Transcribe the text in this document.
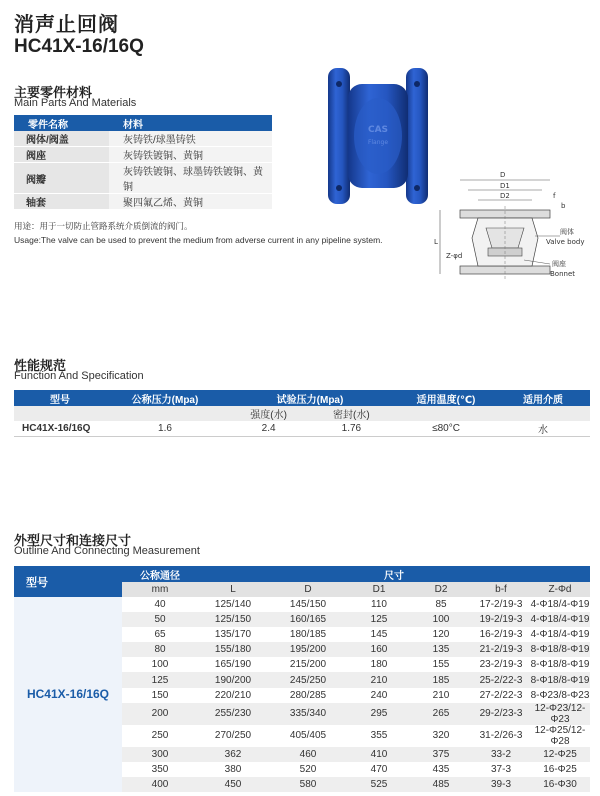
消声止回阀
HC41X-16/16Q
主要零件材料
Main Parts And Materials
零件名称	材料
阀体/阀盖	灰铸铁/球墨铸铁
阀座	灰铸铁镀铜、黄铜
阀瓣	灰铸铁镀铜、球墨铸铁镀铜、黄铜
轴套	聚四氟乙烯、黄铜
用途：用于一切防止管路系统介质倒流的阀门。
Usage:The valve can be used to prevent the medium from adverse current in any pipeline system.
CAS
Flange
D
D1
D2	f
b
L
Z-φd
阀体
Valve body
阀座
Bonnet
性能规范
Function And Specification
型号	公称压力(Mpa)	试验压力(Mpa)	适用温度(℃)	适用介质
		强度(水) 密封(水)		
HC41X-16/16Q	1.6	2.4 1.76	≤80°C	水
外型尺寸和连接尺寸
Outline And Connecting Measurement
型号	公称通径	尺寸					
	mm	L	D	D1	D2	b-f	Z-Φd
HC41X-16/16Q	40	125/140	145/150	110	85	17-2/19-3	4-Φ18/4-Φ19
	50	125/150	160/165	125	100	19-2/19-3	4-Φ18/4-Φ19
	65	135/170	180/185	145	120	16-2/19-3	4-Φ18/4-Φ19
	80	155/180	195/200	160	135	21-2/19-3	8-Φ18/8-Φ19
	100	165/190	215/200	180	155	23-2/19-3	8-Φ18/8-Φ19
	125	190/200	245/250	210	185	25-2/22-3	8-Φ18/8-Φ19
	150	220/210	280/285	240	210	27-2/22-3	8-Φ23/8-Φ23
	200	255/230	335/340	295	265	29-2/23-3	12-Φ23/12-Φ23
	250	270/250	405/405	355	320	31-2/26-3	12-Φ25/12-Φ28
	300	362	460	410	375	33-2	12-Φ25
	350	380	520	470	435	37-3	16-Φ25
	400	450	580	525	485	39-3	16-Φ30
